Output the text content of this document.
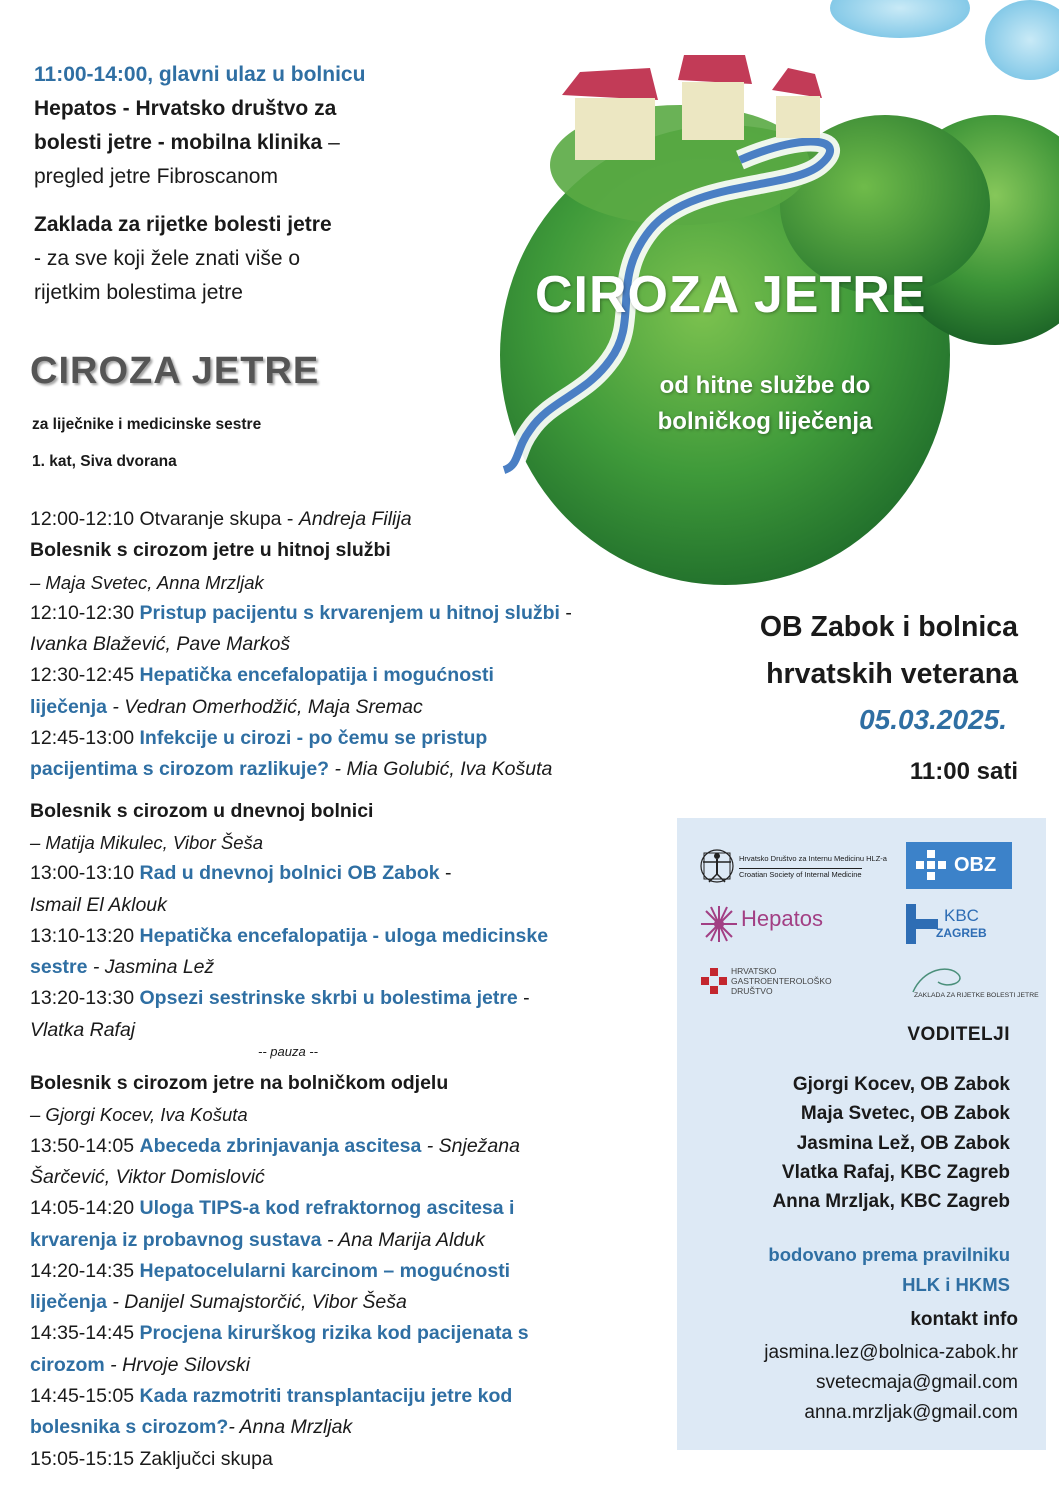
11:00-14:00, glavni ulaz u bolnicu
Hepatos - Hrvatsko društvo za
bolesti jetre - mobilna klinika –
pregled jetre Fibroscanom
Zaklada za rijetke bolesti jetre
- za sve koji žele znati više o
rijetkim bolestima jetre
CIROZA JETRE
za liječnike i medicinske sestre
1. kat, Siva dvorana
CIROZA JETRE
od hitne službe do
bolničkog liječenja
12:00-12:10 Otvaranje skupa - Andreja Filija
Bolesnik s cirozom jetre u hitnoj službi
– Maja Svetec, Anna Mrzljak
12:10-12:30 Pristup pacijentu s krvarenjem u hitnoj službi -
Ivanka Blažević, Pave Markoš
12:30-12:45 Hepatička encefalopatija i mogućnosti
liječenja - Vedran Omerhodžić, Maja Sremac
12:45-13:00 Infekcije u cirozi - po čemu se pristup
pacijentima s cirozom razlikuje? - Mia Golubić, Iva Košuta
Bolesnik s cirozom u dnevnoj bolnici
– Matija Mikulec, Vibor Šeša
13:00-13:10 Rad u dnevnoj bolnici OB Zabok -
Ismail El Aklouk
13:10-13:20 Hepatička encefalopatija - uloga medicinske
sestre - Jasmina Lež
13:20-13:30 Opsezi sestrinske skrbi u bolestima jetre -
Vlatka Rafaj
-- pauza --
Bolesnik s cirozom jetre na bolničkom odjelu
– Gjorgi Kocev, Iva Košuta
13:50-14:05 Abeceda zbrinjavanja ascitesa - Snježana
Šarčević, Viktor Domislović
14:05-14:20 Uloga TIPS-a kod refraktornog ascitesa i
krvarenja iz probavnog sustava - Ana Marija Alduk
14:20-14:35 Hepatocelularni karcinom – mogućnosti
liječenja - Danijel Sumajstorčić, Vibor Šeša
14:35-14:45 Procjena kirurškog rizika kod pacijenata s
cirozom - Hrvoje Silovski
14:45-15:05 Kada razmotriti transplantaciju jetre kod
bolesnika s cirozom?- Anna Mrzljak
15:05-15:15 Zaključci skupa
OB Zabok i bolnica
hrvatskih veterana
05.03.2025.
11:00 sati
Hrvatsko Društvo za Internu Medicinu HLZ-a
Croatian Society of Internal Medicine	OBZ
Hepatos	KBC
ZAGREB
HRVATSKO
GASTROENTEROLOŠKO
DRUŠTVO	ZAKLADA ZA RIJETKE BOLESTI JETRE
VODITELJI
Gjorgi Kocev, OB Zabok
Maja Svetec, OB Zabok
Jasmina Lež, OB Zabok
Vlatka Rafaj, KBC Zagreb
Anna Mrzljak, KBC Zagreb
bodovano prema pravilniku
HLK i HKMS
kontakt info
jasmina.lez@bolnica-zabok.hr
svetecmaja@gmail.com
anna.mrzljak@gmail.com
